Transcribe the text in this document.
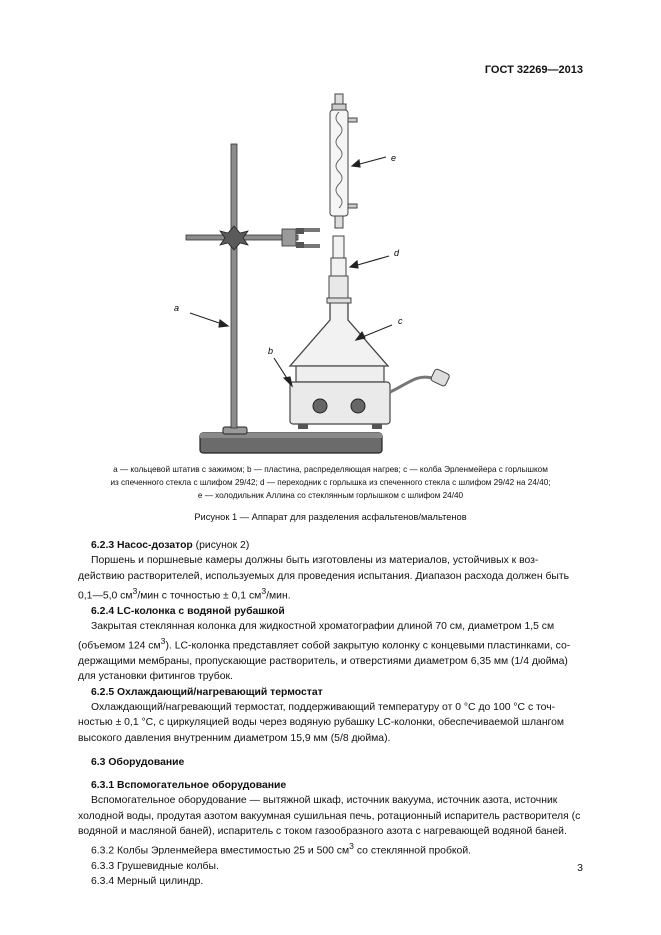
ГОСТ 32269—2013
a
b
c
d
e
a — кольцевой штатив с зажимом; b — пластина, распределяющая нагрев; c — колба Эрленмейера с горлышком
из спеченного стекла с шлифом 29/42; d — переходник с горлышка из спеченного стекла с шлифом 29/42 на 24/40;
e — холодильник Аллина со стеклянным горлышком с шлифом 24/40
Рисунок 1 — Аппарат для разделения асфальтенов/мальтенов

6.2.3 Насос-дозатор (рисунок 2)

Поршень и поршневые камеры должны быть изготовлены из материалов, устойчивых к воз-действию растворителей, используемых для проведения испытания. Диапазон расхода должен быть 0,1—5,0 $см^3$/мин с точностью ± 0,1 $см^3$/мин.

6.2.4 LC-колонка с водяной рубашкой

Закрытая стеклянная колонка для жидкостной хроматографии длиной 70 см, диаметром 1,5 см (объемом 124 $см^3$). LC-колонка представляет собой закрытую колонку с концевыми пластинками, со-держащими мембраны, пропускающие растворитель, и отверстиями диаметром 6,35 мм (1/4 дюйма) для установки фитингов трубок.

6.2.5 Охлаждающий/нагревающий термостат

Охлаждающий/нагревающий термостат, поддерживающий температуру от 0 °C до 100 °C с точ-ностью ± 0,1 °C, с циркуляцией воды через водяную рубашку LC-колонки, обеспечиваемой шлангом высокого давления внутренним диаметром 15,9 мм (5/8 дюйма).

6.3 Оборудование

6.3.1 Вспомогательное оборудование

Вспомогательное оборудование — вытяжной шкаф, источник вакуума, источник азота, источник холодной воды, продутая азотом вакуумная сушильная печь, ротационный испаритель растворителя (с водяной и масляной баней), испаритель с током газообразного азота с нагревающей водяной баней.

6.3.2 Колбы Эрленмейера вместимостью 25 и 500 $см^3$ со стеклянной пробкой.

6.3.3 Грушевидные колбы.

6.3.4 Мерный цилиндр.

3
